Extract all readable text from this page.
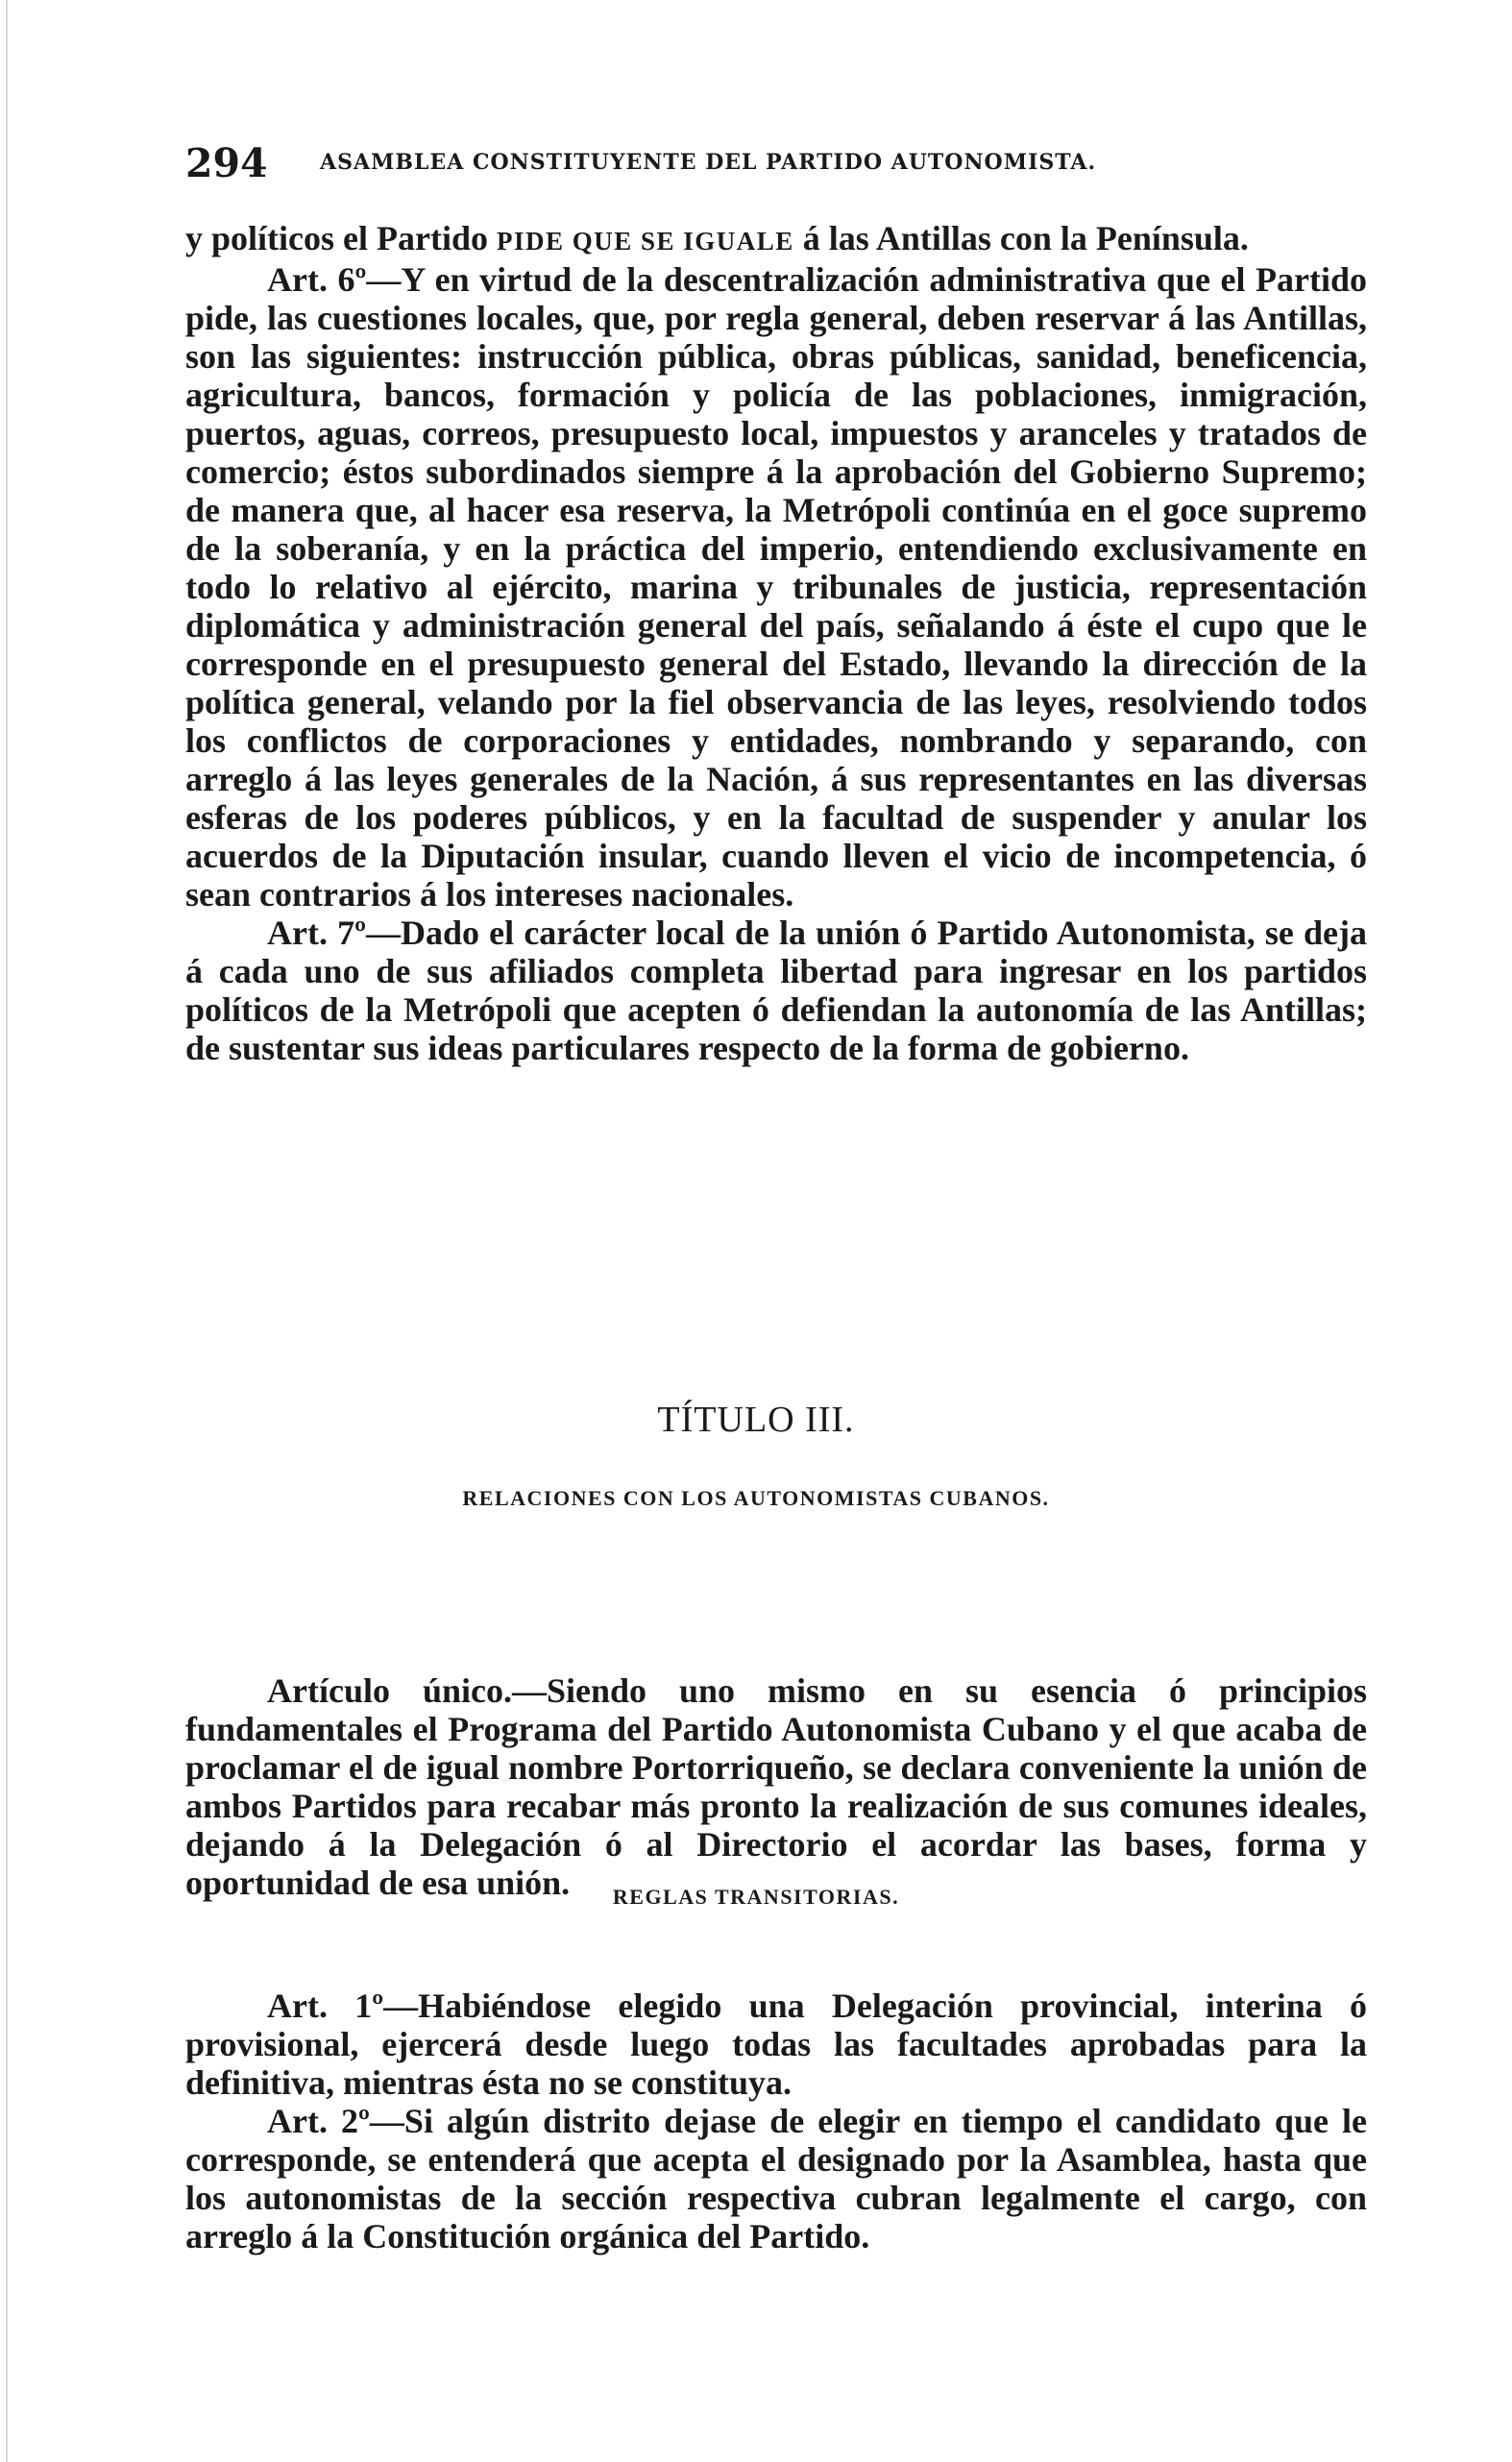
294 ASAMBLEA CONSTITUYENTE DEL PARTIDO AUTONOMISTA.

y políticos el Partido PIDE QUE SE IGUALE á las Antillas con la Península.

Art. 6º—Y en virtud de la descentralización administrativa que el Partido pide, las cuestiones locales, que, por regla general, deben reservar á las Antillas, son las siguientes: instrucción pública, obras públicas, sanidad, beneficencia, agricultura, bancos, formación y policía de las poblaciones, inmigración, puertos, aguas, correos, presupuesto local, impuestos y aranceles y tratados de comercio; éstos subordinados siempre á la aprobación del Gobierno Supremo; de manera que, al hacer esa reserva, la Metrópoli continúa en el goce supremo de la soberanía, y en la práctica del imperio, entendiendo exclusivamente en todo lo relativo al ejército, marina y tribunales de justicia, representación diplomática y administración general del país, señalando á éste el cupo que le corresponde en el presupuesto general del Estado, llevando la dirección de la política general, velando por la fiel observancia de las leyes, resolviendo todos los conflictos de corporaciones y entidades, nombrando y separando, con arreglo á las leyes generales de la Nación, á sus representantes en las diversas esferas de los poderes públicos, y en la facultad de suspender y anular los acuerdos de la Diputación insular, cuando lleven el vicio de incompetencia, ó sean contrarios á los intereses nacionales.

Art. 7º—Dado el carácter local de la unión ó Partido Autonomista, se deja á cada uno de sus afiliados completa libertad para ingresar en los partidos políticos de la Metrópoli que acepten ó defiendan la autonomía de las Antillas; de sustentar sus ideas particulares respecto de la forma de gobierno.

TÍTULO III.
RELACIONES CON LOS AUTONOMISTAS CUBANOS.

Artículo único.—Siendo uno mismo en su esencia ó principios fundamentales el Programa del Partido Autonomista Cubano y el que acaba de proclamar el de igual nombre Portorriqueño, se declara conveniente la unión de ambos Partidos para recabar más pronto la realización de sus comunes ideales, dejando á la Delegación ó al Directorio el acordar las bases, forma y oportunidad de esa unión.	REGLAS TRANSITORIAS.

Art. 1º—Habiéndose elegido una Delegación provincial, interina ó provisional, ejercerá desde luego todas las facultades aprobadas para la definitiva, mientras ésta no se constituya.

Art. 2º—Si algún distrito dejase de elegir en tiempo el candidato que le corresponde, se entenderá que acepta el designado por la Asamblea, hasta que los autonomistas de la sección respectiva cubran legalmente el cargo, con arreglo á la Constitución orgánica del Partido.
